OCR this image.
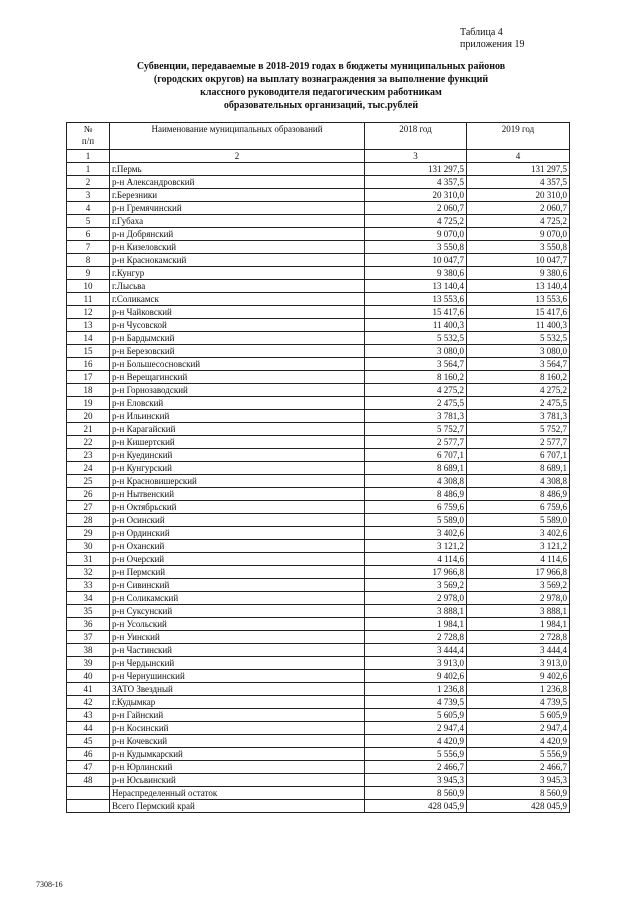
Таблица 4
приложения 19
Субвенции, передаваемые в 2018-2019 годах в бюджеты муниципальных районов
(городских округов) на выплату вознаграждения за выполнение функций
классного руководителя педагогическим работникам
образовательных организаций, тыс.рублей
№
п/п	Наименование муниципальных образований	2018 год	2019 год
1	2	3	4
1	г.Пермь	131 297,5	131 297,5
2	р-н Александровский	4 357,5	4 357,5
3	г.Березники	20 310,0	20 310,0
4	р-н Гремячинский	2 060,7	2 060,7
5	г.Губаха	4 725,2	4 725,2
6	р-н Добрянский	9 070,0	9 070,0
7	р-н Кизеловский	3 550,8	3 550,8
8	р-н Краснокамский	10 047,7	10 047,7
9	г.Кунгур	9 380,6	9 380,6
10	г.Лысьва	13 140,4	13 140,4
11	г.Соликамск	13 553,6	13 553,6
12	р-н Чайковский	15 417,6	15 417,6
13	р-н Чусовской	11 400,3	11 400,3
14	р-н Бардымский	5 532,5	5 532,5
15	р-н Березовский	3 080,0	3 080,0
16	р-н Большесосновский	3 564,7	3 564,7
17	р-н Верещагинский	8 160,2	8 160,2
18	р-н Горнозаводский	4 275,2	4 275,2
19	р-н Еловский	2 475,5	2 475,5
20	р-н Ильинский	3 781,3	3 781,3
21	р-н Карагайский	5 752,7	5 752,7
22	р-н Кишертский	2 577,7	2 577,7
23	р-н Куединский	6 707,1	6 707,1
24	р-н Кунгурский	8 689,1	8 689,1
25	р-н Красновишерский	4 308,8	4 308,8
26	р-н Нытвенский	8 486,9	8 486,9
27	р-н Октябрьский	6 759,6	6 759,6
28	р-н Осинский	5 589,0	5 589,0
29	р-н Ординский	3 402,6	3 402,6
30	р-н Оханский	3 121,2	3 121,2
31	р-н Очерский	4 114,6	4 114,6
32	р-н Пермский	17 966,8	17 966,8
33	р-н Сивинский	3 569,2	3 569,2
34	р-н Соликамский	2 978,0	2 978,0
35	р-н Суксунский	3 888,1	3 888,1
36	р-н Усольский	1 984,1	1 984,1
37	р-н Уинский	2 728,8	2 728,8
38	р-н Частинский	3 444,4	3 444,4
39	р-н Чердынский	3 913,0	3 913,0
40	р-н Чернушинский	9 402,6	9 402,6
41	ЗАТО Звездный	1 236,8	1 236,8
42	г.Кудымкар	4 739,5	4 739,5
43	р-н Гайнский	5 605,9	5 605,9
44	р-н Косинский	2 947,4	2 947,4
45	р-н Кочевский	4 420,9	4 420,9
46	р-н Кудымкарский	5 556,9	5 556,9
47	р-н Юрлинский	2 466,7	2 466,7
48	р-н Юсьвинский	3 945,3	3 945,3
	Нераспределенный остаток	8 560,9	8 560,9
	Всего Пермский край	428 045,9	428 045,9
7308-16
